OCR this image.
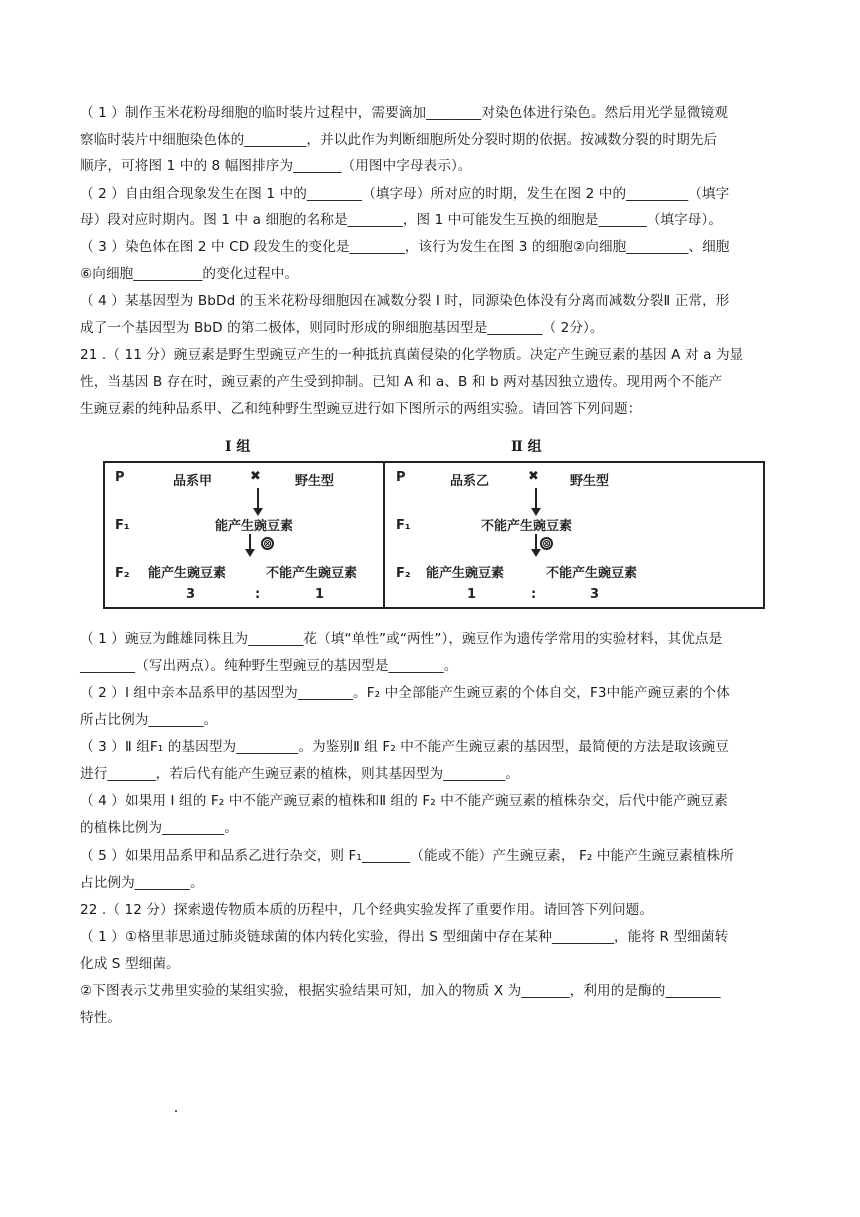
（ 1 ）制作玉米花粉母细胞的临时装片过程中，需要滴加________对染色体进行染色。然后用光学显微镜观
察临时装片中细胞染色体的_________，并以此作为判断细胞所处分裂时期的依据。按减数分裂的时期先后
顺序，可将图 1 中的 8 幅图排序为_______（用图中字母表示）。
（ 2 ）自由组合现象发生在图 1 中的________（填字母）所对应的时期，发生在图 2 中的_________（填字
母）段对应时期内。图 1 中 a 细胞的名称是________，图 1 中可能发生互换的细胞是_______（填字母）。
（ 3 ）染色体在图 2 中 CD 段发生的变化是________，该行为发生在图 3 的细胞②向细胞_________、细胞
⑥向细胞__________的变化过程中。
（ 4 ）某基因型为 BbDd 的玉米花粉母细胞因在减数分裂 Ⅰ 时，同源染色体没有分离而减数分裂Ⅱ 正常，形
成了一个基因型为 BbD 的第二极体，则同时形成的卵细胞基因型是________（ 2分）。
21 .（ 11 分）豌豆素是野生型豌豆产生的一种抵抗真菌侵染的化学物质。决定产生豌豆素的基因 A 对 a 为显
性，当基因 B 存在时，豌豆素的产生受到抑制。已知 A 和 a、B 和 b 两对基因独立遗传。现用两个不能产
生豌豆素的纯种品系甲、乙和纯种野生型豌豆进行如下图所示的两组实验。请回答下列问题：
Ⅰ 组	Ⅱ 组
P	品系甲	✖	野生型
F₁	能产生豌豆素
⊗
F₂ 能产生豌豆素	不能产生豌豆素
3	:	1
P	品系乙	✖ 野生型
F₁	不能产生豌豆素
⊗
F₂ 能产生豌豆素	不能产生豌豆素
1	:	3
（ 1 ）豌豆为雌雄同株且为________花（填“单性”或“两性”），豌豆作为遗传学常用的实验材料，其优点是
________（写出两点）。纯种野生型豌豆的基因型是________。
（ 2 ）Ⅰ 组中亲本品系甲的基因型为________。F₂ 中全部能产生豌豆素的个体自交，F3中能产豌豆素的个体
所占比例为________。
（ 3 ）Ⅱ 组F₁ 的基因型为_________。为鉴别Ⅱ 组 F₂ 中不能产生豌豆素的基因型，最简便的方法是取该豌豆
进行_______，若后代有能产生豌豆素的植株，则其基因型为_________。
（ 4 ）如果用 Ⅰ 组的 F₂ 中不能产豌豆素的植株和Ⅱ 组的 F₂ 中不能产豌豆素的植株杂交，后代中能产豌豆素
的植株比例为_________。
（ 5 ）如果用品系甲和品系乙进行杂交，则 F₁_______（能或不能）产生豌豆素， F₂ 中能产生豌豆素植株所
占比例为________。
22 .（ 12 分）探索遗传物质本质的历程中，几个经典实验发挥了重要作用。请回答下列问题。
（ 1 ）①格里菲思通过肺炎链球菌的体内转化实验，得出 S 型细菌中存在某种_________，能将 R 型细菌转
化成 S 型细菌。
②下图表示艾弗里实验的某组实验，根据实验结果可知，加入的物质 X 为_______，利用的是酶的________
特性。
